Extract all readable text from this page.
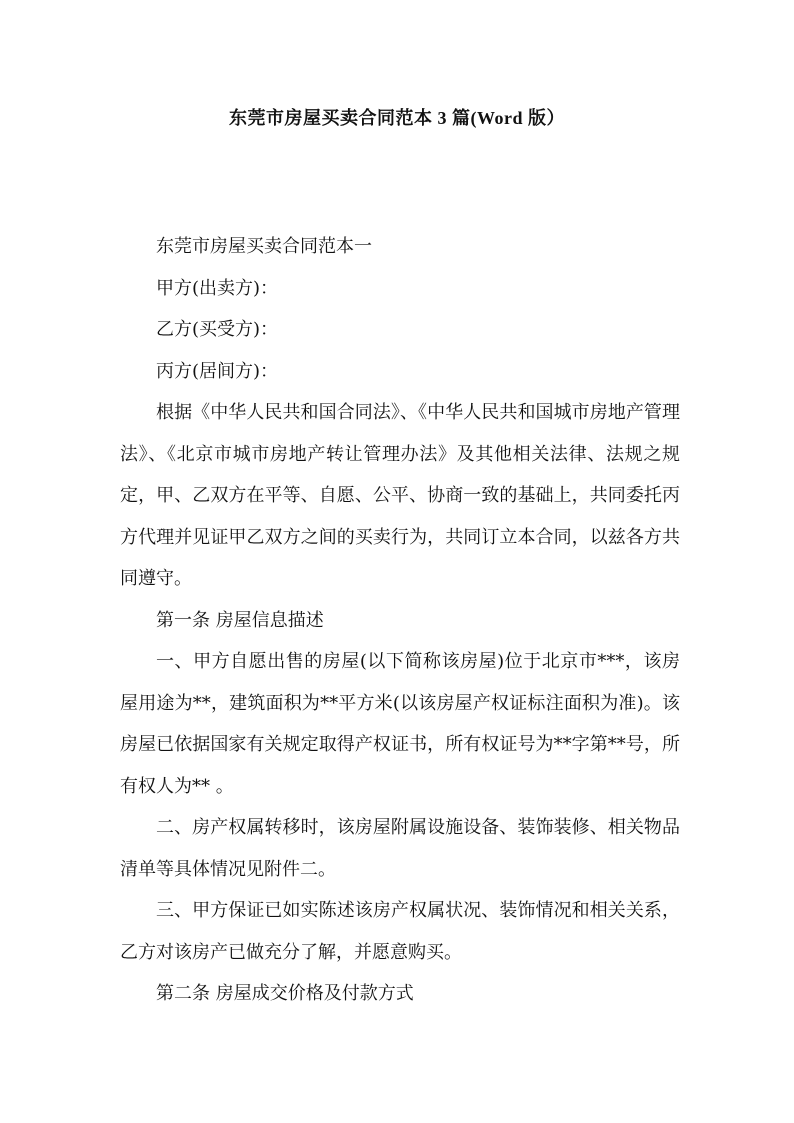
东莞市房屋买卖合同范本 3 篇(Word 版）

东莞市房屋买卖合同范本一

甲方(出卖方)：

乙方(买受方)：

丙方(居间方)：

根据《中华人民共和国合同法》、《中华人民共和国城市房地产管理法》、《北京市城市房地产转让管理办法》及其他相关法律、法规之规定，甲、乙双方在平等、自愿、公平、协商一致的基础上，共同委托丙方代理并见证甲乙双方之间的买卖行为，共同订立本合同，以兹各方共同遵守。

第一条 房屋信息描述

一、甲方自愿出售的房屋(以下简称该房屋)位于北京市***，该房屋用途为**，建筑面积为**平方米(以该房屋产权证标注面积为准)。该房屋已依据国家有关规定取得产权证书，所有权证号为**字第**号，所有权人为** 。

二、房产权属转移时，该房屋附属设施设备、装饰装修、相关物品清单等具体情况见附件二。

三、甲方保证已如实陈述该房产权属状况、装饰情况和相关关系，乙方对该房产已做充分了解，并愿意购买。

第二条 房屋成交价格及付款方式
